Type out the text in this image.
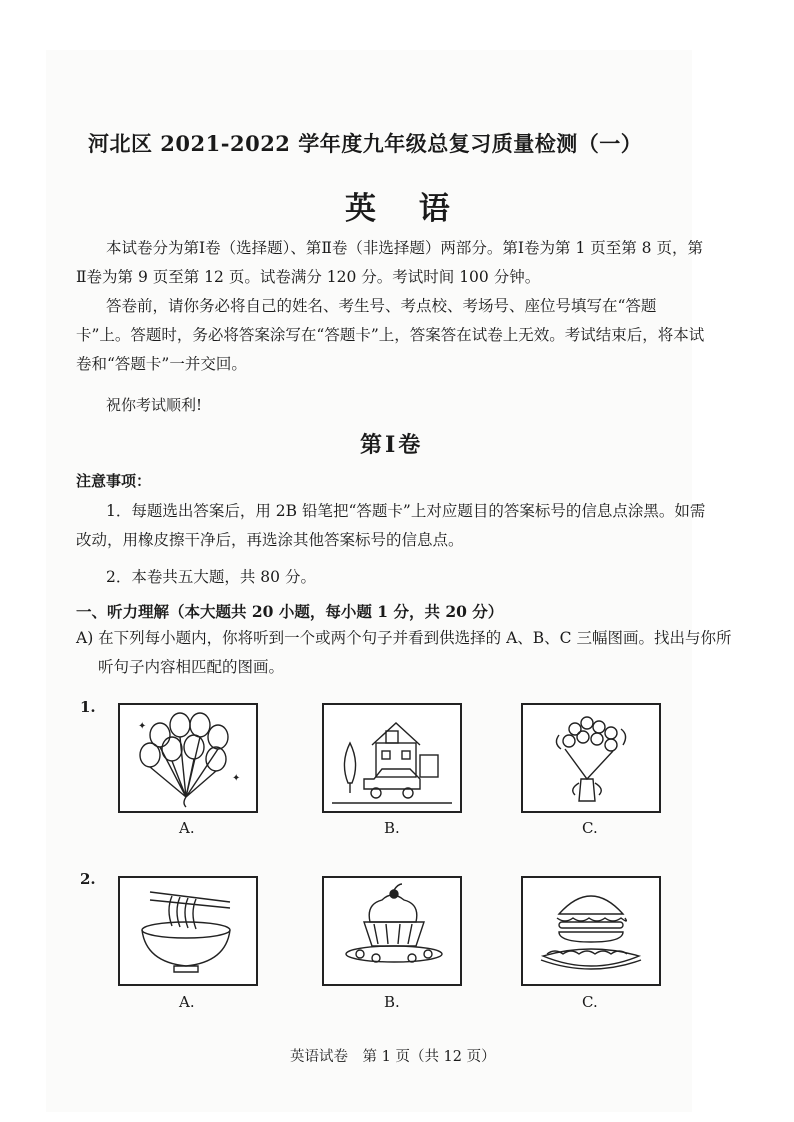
河北区 2021-2022 学年度九年级总复习质量检测（一）
英 语

本试卷分为第Ⅰ卷（选择题）、第Ⅱ卷（非选择题）两部分。第Ⅰ卷为第 1 页至第 8 页，第Ⅱ卷为第 9 页至第 12 页。试卷满分 120 分。考试时间 100 分钟。

答卷前，请你务必将自己的姓名、考生号、考点校、考场号、座位号填写在“答题卡”上。答题时，务必将答案涂写在“答题卡”上，答案答在试卷上无效。考试结束后，将本试卷和“答题卡”一并交回。

祝你考试顺利!

第Ⅰ卷

注意事项：

1．每题选出答案后，用 2B 铅笔把“答题卡”上对应题目的答案标号的信息点涂黑。如需改动，用橡皮擦干净后，再选涂其他答案标号的信息点。

2．本卷共五大题，共 80 分。

一、听力理解（本大题共 20 小题，每小题 1 分，共 20 分）

A) 在下列每小题内，你将听到一个或两个句子并看到供选择的 A、B、C 三幅图画。找出与你所听句子内容相匹配的图画。

1.
✦
✦
A.	B.	C.
2.
A.	B.	C.

英语试卷　第 1 页（共 12 页）
